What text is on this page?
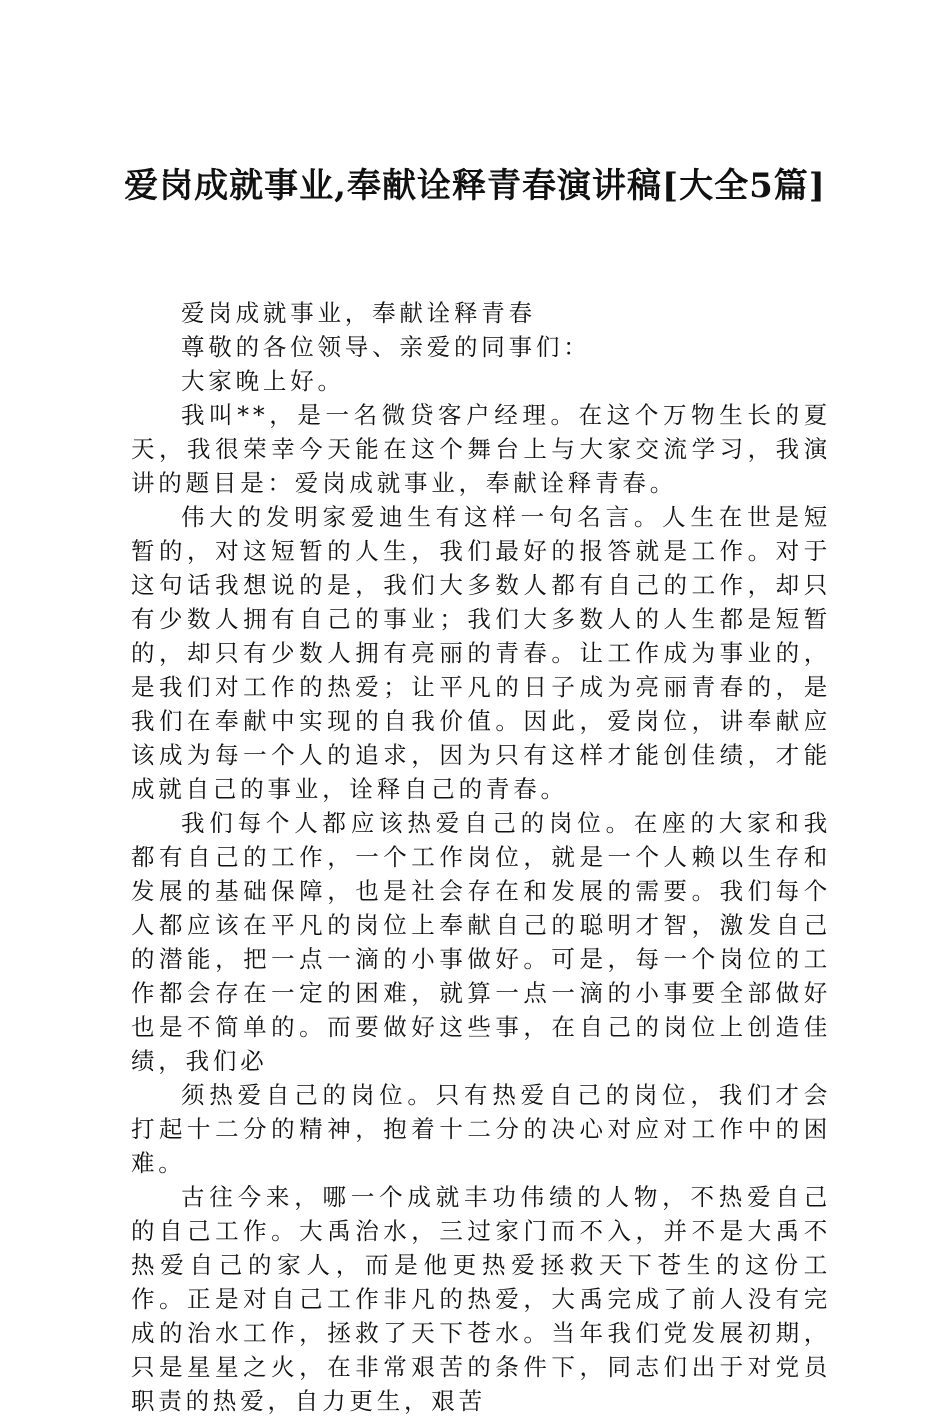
爱岗成就事业,奉献诠释青春演讲稿[大全5篇]

爱岗成就事业，奉献诠释青春

尊敬的各位领导、亲爱的同事们：

大家晚上好。

我叫**，是一名微贷客户经理。在这个万物生长的夏天，我很荣幸今天能在这个舞台上与大家交流学习，我演讲的题目是：爱岗成就事业，奉献诠释青春。

伟大的发明家爱迪生有这样一句名言。人生在世是短暂的，对这短暂的人生，我们最好的报答就是工作。对于这句话我想说的是，我们大多数人都有自己的工作，却只有少数人拥有自己的事业；我们大多数人的人生都是短暂的，却只有少数人拥有亮丽的青春。让工作成为事业的，是我们对工作的热爱；让平凡的日子成为亮丽青春的，是我们在奉献中实现的自我价值。因此，爱岗位，讲奉献应该成为每一个人的追求，因为只有这样才能创佳绩，才能成就自己的事业，诠释自己的青春。

我们每个人都应该热爱自己的岗位。在座的大家和我都有自己的工作，一个工作岗位，就是一个人赖以生存和发展的基础保障，也是社会存在和发展的需要。我们每个人都应该在平凡的岗位上奉献自己的聪明才智，激发自己的潜能，把一点一滴的小事做好。可是，每一个岗位的工作都会存在一定的困难，就算一点一滴的小事要全部做好也是不简单的。而要做好这些事，在自己的岗位上创造佳绩，我们必

须热爱自己的岗位。只有热爱自己的岗位，我们才会打起十二分的精神，抱着十二分的决心对应对工作中的困难。

古往今来，哪一个成就丰功伟绩的人物，不热爱自己的自己工作。大禹治水，三过家门而不入，并不是大禹不热爱自己的家人，而是他更热爱拯救天下苍生的这份工作。正是对自己工作非凡的热爱，大禹完成了前人没有完成的治水工作，拯救了天下苍水。当年我们党发展初期，只是星星之火，在非常艰苦的条件下，同志们出于对党员职责的热爱，自力更生，艰苦
